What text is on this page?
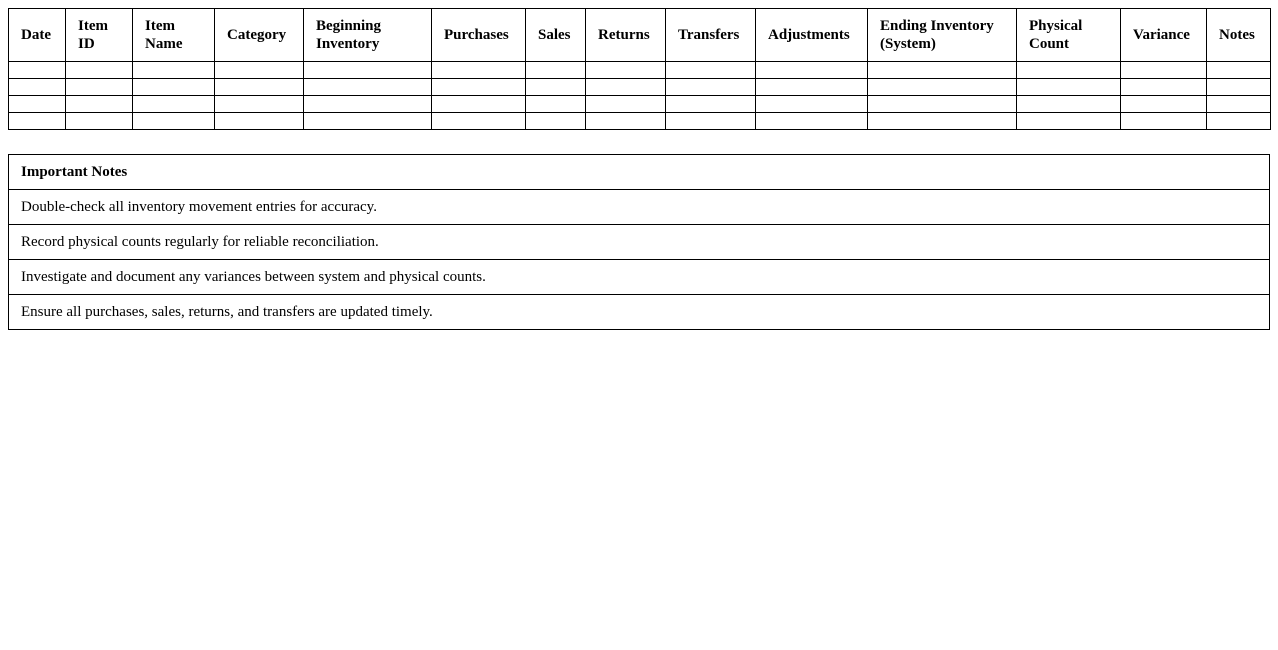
Date	Item ID	Item Name	Category	Beginning Inventory	Purchases	Sales	Returns	Transfers	Adjustments	Ending Inventory (System)	Physical Count	Variance	Notes

Important Notes
Double-check all inventory movement entries for accuracy.
Record physical counts regularly for reliable reconciliation.
Investigate and document any variances between system and physical counts.
Ensure all purchases, sales, returns, and transfers are updated timely.
